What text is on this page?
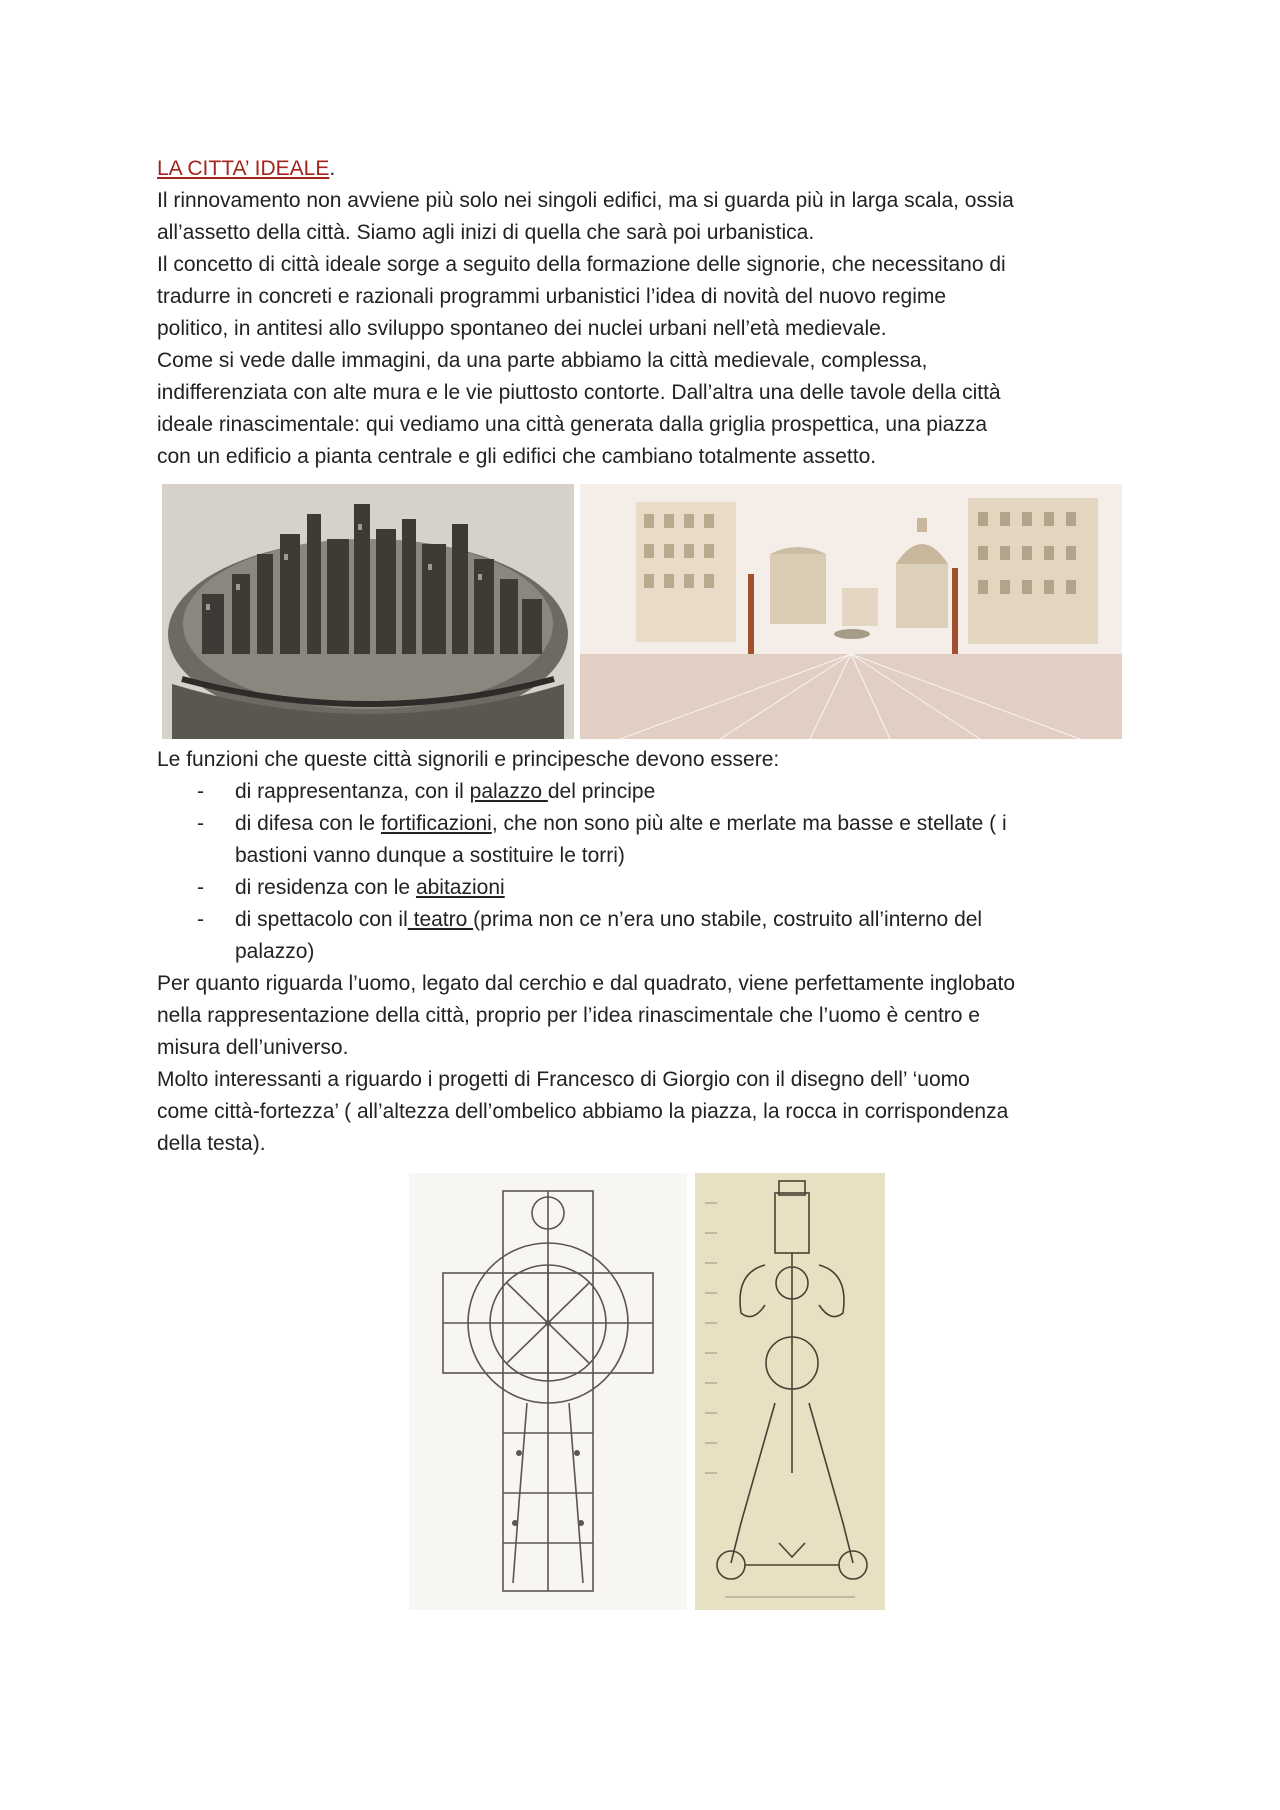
LA CITTA’ IDEALE.

Il rinnovamento non avviene più solo nei singoli edifici, ma si guarda più in larga scala, ossia

all’assetto della città. Siamo agli inizi di quella che sarà poi urbanistica.

Il concetto di città ideale sorge a seguito della formazione delle signorie, che necessitano di

tradurre in concreti e razionali programmi urbanistici l’idea di novità del nuovo regime

politico, in antitesi allo sviluppo spontaneo dei nuclei urbani nell’età medievale.

Come si vede dalle immagini, da una parte abbiamo la città medievale, complessa,

indifferenziata con alte mura e le vie piuttosto contorte. Dall’altra una delle tavole della città

ideale rinascimentale: qui vediamo una città generata dalla griglia prospettica, una piazza

con un edificio a pianta centrale e gli edifici che cambiano totalmente assetto.

Le funzioni che queste città signorili e principesche devono essere:

- di rappresentanza, con il palazzo del principe
- di difesa con le fortificazioni, che non sono più alte e merlate ma basse e stellate ( i
bastioni vanno dunque a sostituire le torri)
- di residenza con le abitazioni
- di spettacolo con il teatro (prima non ce n’era uno stabile, costruito all’interno del
palazzo)

Per quanto riguarda l’uomo, legato dal cerchio e dal quadrato, viene perfettamente inglobato

nella rappresentazione della città, proprio per l’idea rinascimentale che l’uomo è centro e

misura dell’universo.

Molto interessanti a riguardo i progetti di Francesco di Giorgio con il disegno dell’ ‘uomo

come città-fortezza’ ( all’altezza dell’ombelico abbiamo la piazza, la rocca in corrispondenza

della testa).
